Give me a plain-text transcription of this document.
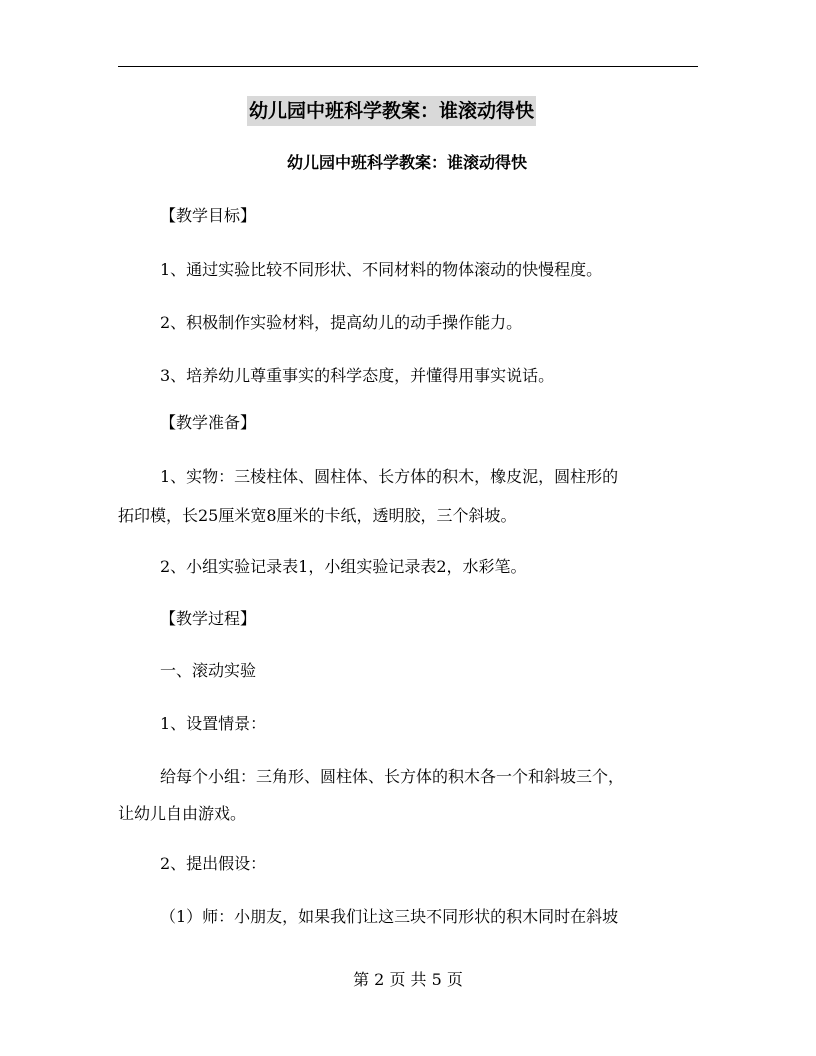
幼儿园中班科学教案：谁滚动得快
幼儿园中班科学教案：谁滚动得快
【教学目标】
1、通过实验比较不同形状、不同材料的物体滚动的快慢程度。
2、积极制作实验材料，提高幼儿的动手操作能力。
3、培养幼儿尊重事实的科学态度，并懂得用事实说话。
【教学准备】
1、实物：三棱柱体、圆柱体、长方体的积木，橡皮泥，圆柱形的
拓印模，长25厘米宽8厘米的卡纸，透明胶，三个斜坡。
2、小组实验记录表1，小组实验记录表2，水彩笔。
【教学过程】
一、滚动实验
1、设置情景：
给每个小组：三角形、圆柱体、长方体的积木各一个和斜坡三个，
让幼儿自由游戏。
2、提出假设：
（1）师：小朋友，如果我们让这三块不同形状的积木同时在斜坡
第 2 页 共 5 页
